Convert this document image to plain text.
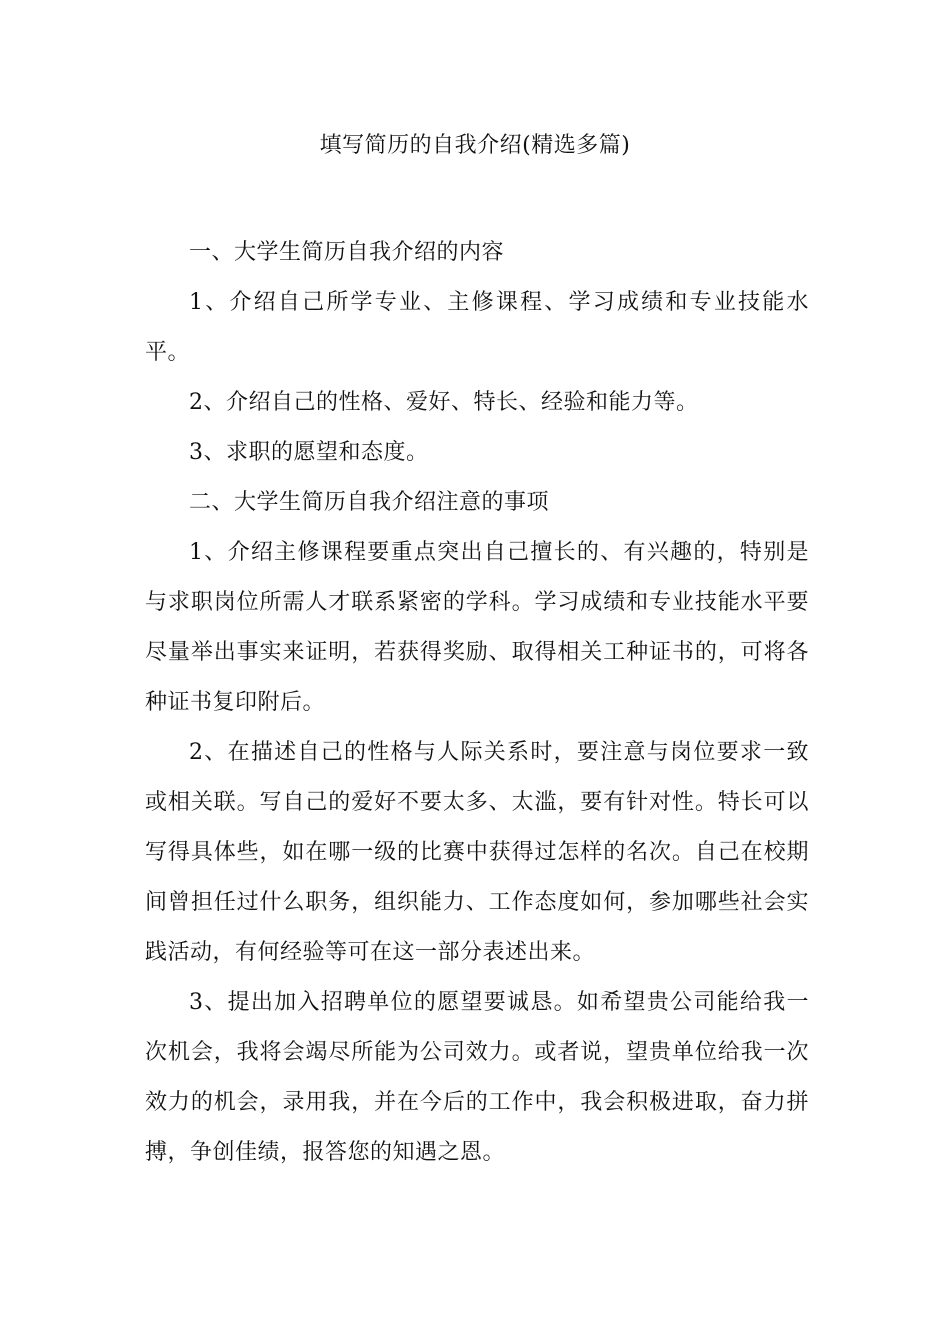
填写简历的自我介绍(精选多篇)

一、大学生简历自我介绍的内容

1、介绍自己所学专业、主修课程、学习成绩和专业技能水平。

2、介绍自己的性格、爱好、特长、经验和能力等。

3、求职的愿望和态度。

二、大学生简历自我介绍注意的事项

1、介绍主修课程要重点突出自己擅长的、有兴趣的，特别是与求职岗位所需人才联系紧密的学科。学习成绩和专业技能水平要尽量举出事实来证明，若获得奖励、取得相关工种证书的，可将各种证书复印附后。

2、在描述自己的性格与人际关系时，要注意与岗位要求一致或相关联。写自己的爱好不要太多、太滥，要有针对性。特长可以写得具体些，如在哪一级的比赛中获得过怎样的名次。自己在校期间曾担任过什么职务，组织能力、工作态度如何，参加哪些社会实践活动，有何经验等可在这一部分表述出来。

3、提出加入招聘单位的愿望要诚恳。如希望贵公司能给我一次机会，我将会竭尽所能为公司效力。或者说，望贵单位给我一次效力的机会，录用我，并在今后的工作中，我会积极进取，奋力拼搏，争创佳绩，报答您的知遇之恩。
